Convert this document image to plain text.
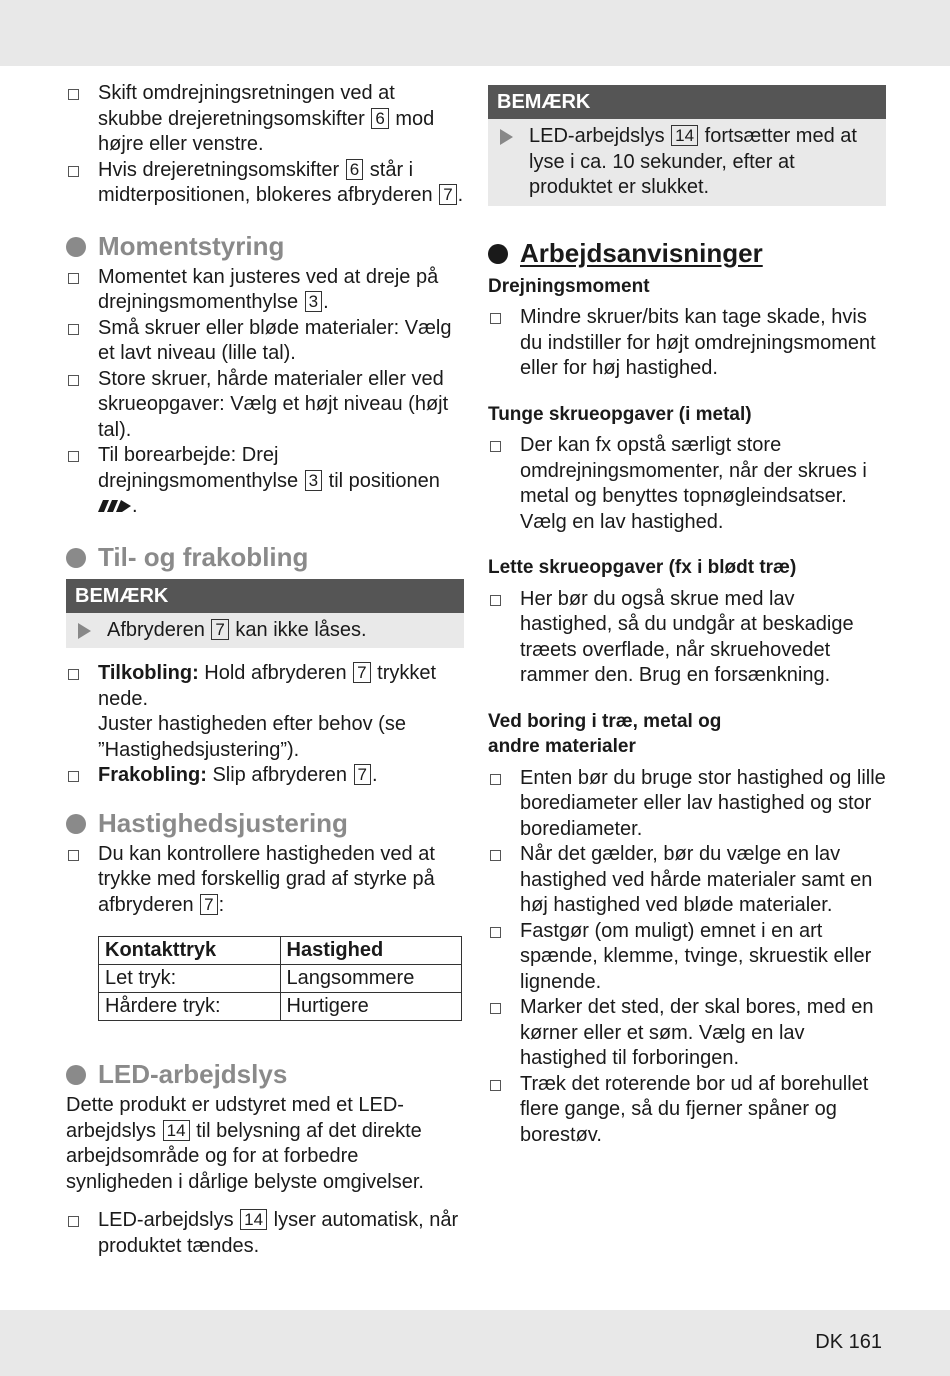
Skift omdrejningsretningen ved at skubbe drejeretningsomskifter 6 mod højre eller venstre.
Hvis drejeretningsomskifter 6 står i midterpositionen, blokeres afbryderen 7 .
Momentstyring
Momentet kan justeres ved at dreje på drejningsmomenthylse 3 .
Små skruer eller bløde materialer: Vælg et lavt niveau (lille tal).
Store skruer, hårde materialer eller ved skrueopgaver: Vælg et højt niveau (højt tal).
Til borearbejde: Drej drejningsmomenthylse 3 til positionen
.
Til- og frakobling
BEMÆRK
Afbryderen 7 kan ikke låses.
Tilkobling: Hold afbryderen 7 trykket nede.
Juster hastigheden efter behov (se ”Hastighedsjustering”).
Frakobling: Slip afbryderen 7 .
Hastighedsjustering
Du kan kontrollere hastigheden ved at trykke med forskellig grad af styrke på afbryderen 7 :
Kontakttryk	Hastighed
Let tryk:	Langsommere
Hårdere tryk:	Hurtigere
LED-arbejdslys
Dette produkt er udstyret med et LED-arbejdslys 14 til belysning af det direkte arbejdsområde og for at forbedre synligheden i dårlige belyste omgivelser.
LED-arbejdslys 14 lyser automatisk, når produktet tændes.
BEMÆRK
LED-arbejdslys 14 fortsætter med at lyse i ca. 10 sekunder, efter at produktet er slukket.
Arbejdsanvisninger
Drejningsmoment
Mindre skruer/bits kan tage skade, hvis du indstiller for højt omdrejningsmoment eller for høj hastighed.
Tunge skrueopgaver (i metal)
Der kan fx opstå særligt store omdrejningsmomenter, når der skrues i metal og benyttes topnøgleindsatser. Vælg en lav hastighed.
Lette skrueopgaver (fx i blødt træ)
Her bør du også skrue med lav hastighed, så du undgår at beskadige træets overflade, når skruehovedet rammer den. Brug en forsænkning.
Ved boring i træ, metal og
andre materialer
Enten bør du bruge stor hastighed og lille borediameter eller lav hastighed og stor borediameter.
Når det gælder, bør du vælge en lav hastighed ved hårde materialer samt en høj hastighed ved bløde materialer.
Fastgør (om muligt) emnet i en art spænde, klemme, tvinge, skruestik eller lignende.
Marker det sted, der skal bores, med en kørner eller et søm. Vælg en lav hastighed til forboringen.
Træk det roterende bor ud af borehullet flere gange, så du fjerner spåner og borestøv.
DK 161
